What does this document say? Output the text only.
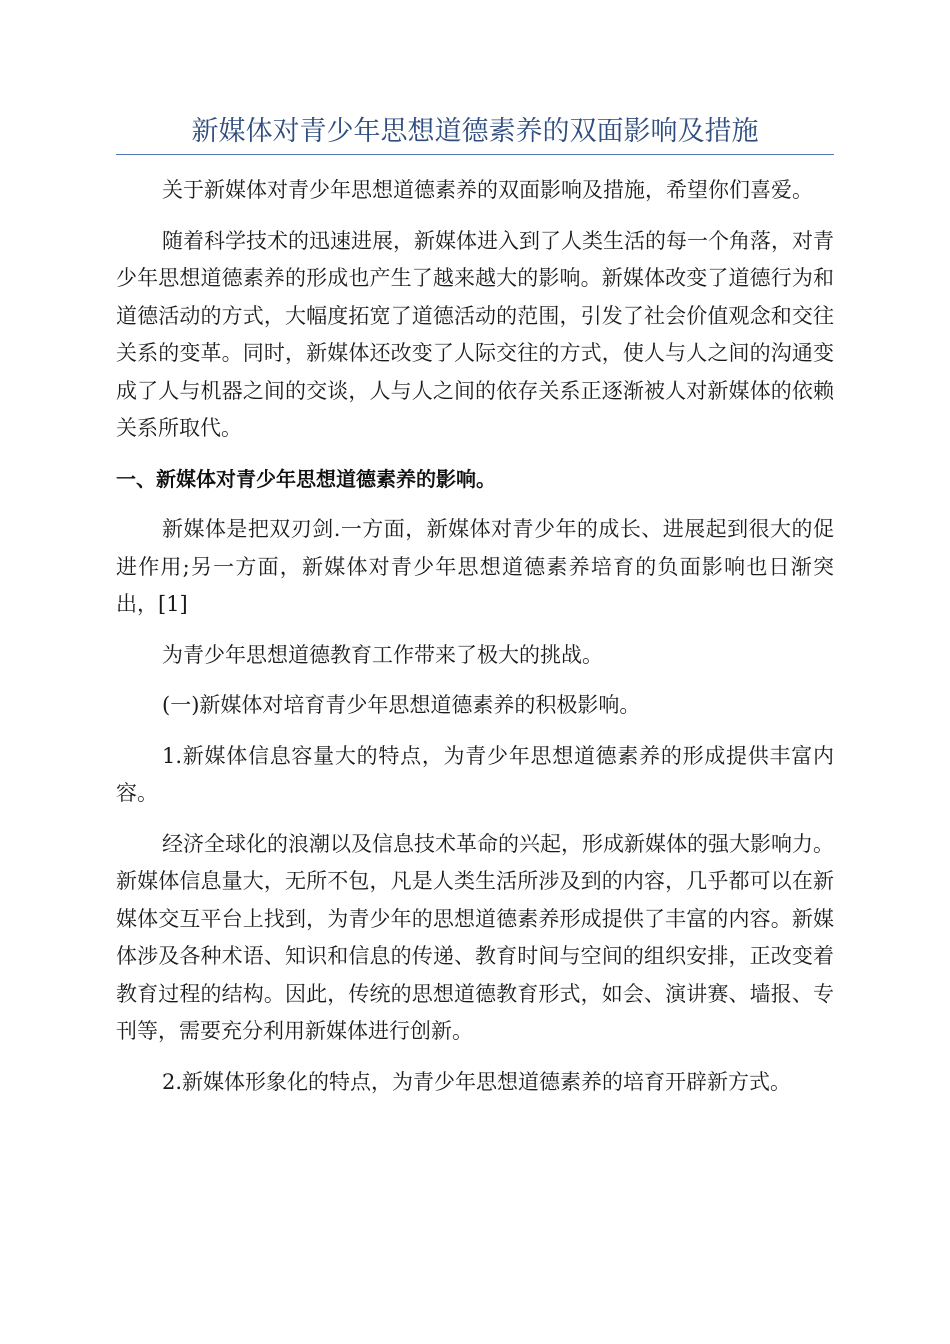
新媒体对青少年思想道德素养的双面影响及措施

关于新媒体对青少年思想道德素养的双面影响及措施，希望你们喜爱。

随着科学技术的迅速进展，新媒体进入到了人类生活的每一个角落，对青少年思想道德素养的形成也产生了越来越大的影响。新媒体改变了道德行为和道德活动的方式，大幅度拓宽了道德活动的范围，引发了社会价值观念和交往关系的变革。同时，新媒体还改变了人际交往的方式，使人与人之间的沟通变成了人与机器之间的交谈，人与人之间的依存关系正逐渐被人对新媒体的依赖关系所取代。

一、新媒体对青少年思想道德素养的影响。

新媒体是把双刃剑.一方面，新媒体对青少年的成长、进展起到很大的促进作用;另一方面，新媒体对青少年思想道德素养培育的负面影响也日渐突出，[1]

为青少年思想道德教育工作带来了极大的挑战。

(一)新媒体对培育青少年思想道德素养的积极影响。

1.新媒体信息容量大的特点，为青少年思想道德素养的形成提供丰富内容。

经济全球化的浪潮以及信息技术革命的兴起，形成新媒体的强大影响力。新媒体信息量大，无所不包，凡是人类生活所涉及到的内容，几乎都可以在新媒体交互平台上找到，为青少年的思想道德素养形成提供了丰富的内容。新媒体涉及各种术语、知识和信息的传递、教育时间与空间的组织安排，正改变着教育过程的结构。因此，传统的思想道德教育形式，如会、演讲赛、墙报、专刊等，需要充分利用新媒体进行创新。

2.新媒体形象化的特点，为青少年思想道德素养的培育开辟新方式。
